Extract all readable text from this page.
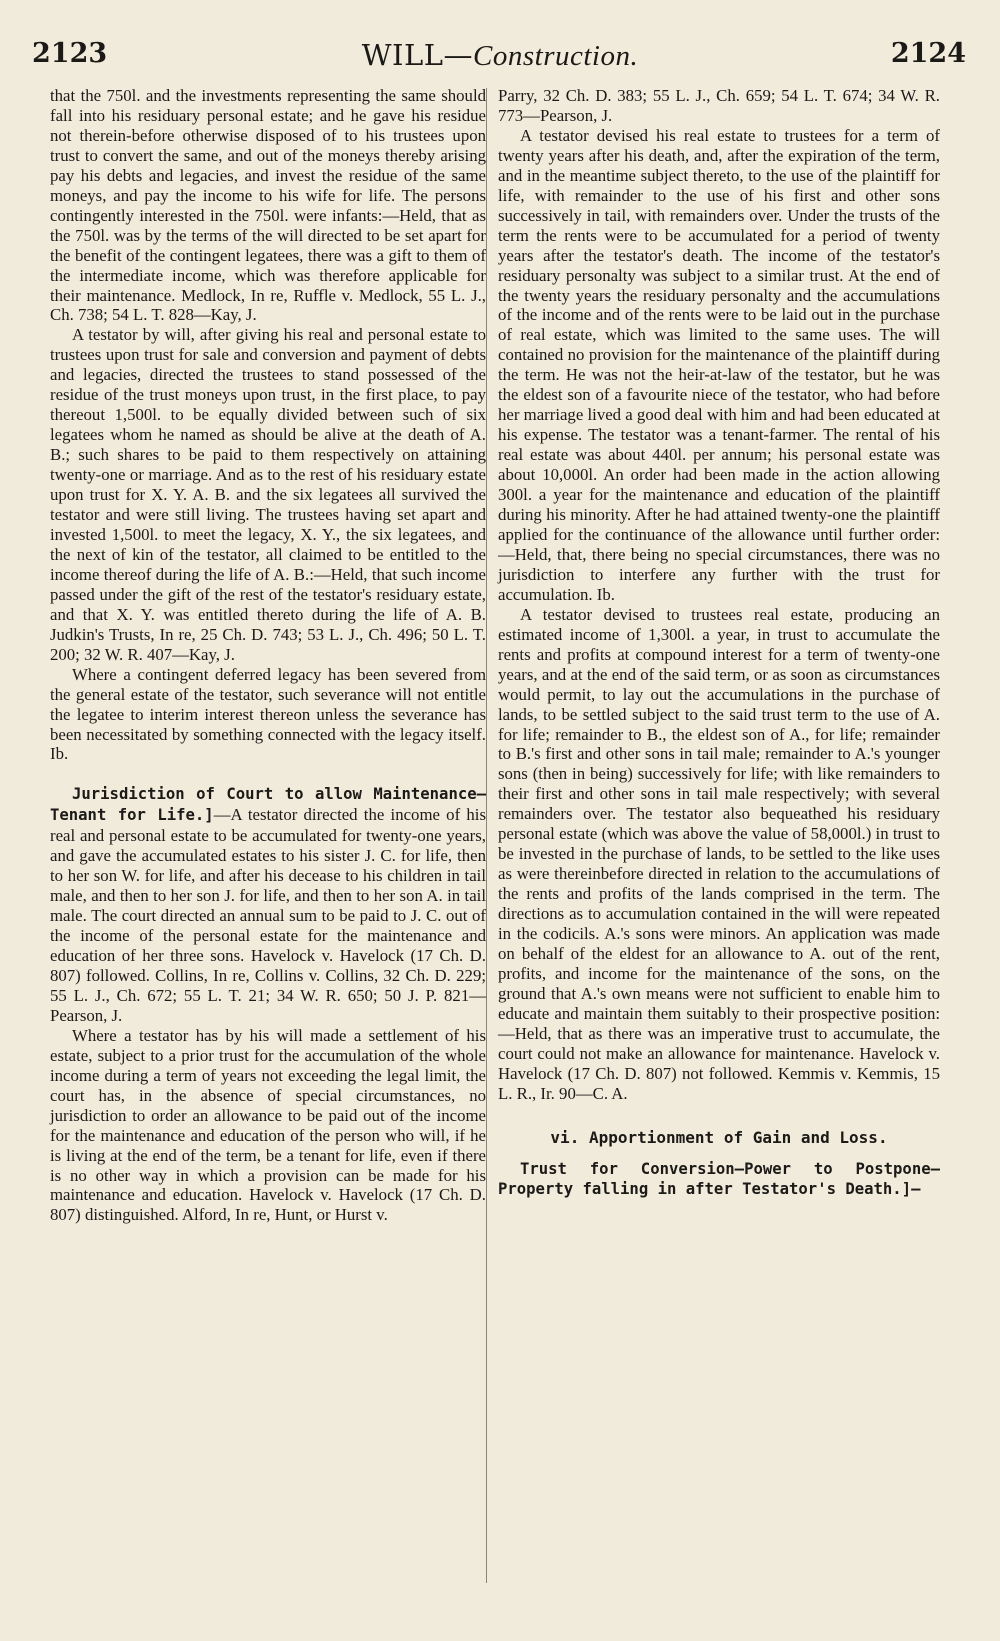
2123	WILL—Construction.	2124

that the 750l. and the investments representing the same should fall into his residuary personal estate; and he gave his residue not therein-before otherwise disposed of to his trustees upon trust to convert the same, and out of the moneys thereby arising pay his debts and legacies, and invest the residue of the same moneys, and pay the income to his wife for life. The persons contingently interested in the 750l. were infants:—Held, that as the 750l. was by the terms of the will directed to be set apart for the benefit of the contingent legatees, there was a gift to them of the intermediate income, which was therefore applicable for their maintenance. Medlock, In re, Ruffle v. Medlock, 55 L. J., Ch. 738; 54 L. T. 828—Kay, J.

A testator by will, after giving his real and personal estate to trustees upon trust for sale and conversion and payment of debts and legacies, directed the trustees to stand possessed of the residue of the trust moneys upon trust, in the first place, to pay thereout 1,500l. to be equally divided between such of six legatees whom he named as should be alive at the death of A. B.; such shares to be paid to them respectively on attaining twenty-one or marriage. And as to the rest of his residuary estate upon trust for X. Y. A. B. and the six legatees all survived the testator and were still living. The trustees having set apart and invested 1,500l. to meet the legacy, X. Y., the six legatees, and the next of kin of the testator, all claimed to be entitled to the income thereof during the life of A. B.:—Held, that such income passed under the gift of the rest of the testator's residuary estate, and that X. Y. was entitled thereto during the life of A. B. Judkin's Trusts, In re, 25 Ch. D. 743; 53 L. J., Ch. 496; 50 L. T. 200; 32 W. R. 407—Kay, J.

Where a contingent deferred legacy has been severed from the general estate of the testator, such severance will not entitle the legatee to interim interest thereon unless the severance has been necessitated by something connected with the legacy itself. Ib.

Jurisdiction of Court to allow Maintenance—Tenant for Life.]—A testator directed the income of his real and personal estate to be accumulated for twenty-one years, and gave the accumulated estates to his sister J. C. for life, then to her son W. for life, and after his decease to his children in tail male, and then to her son J. for life, and then to her son A. in tail male. The court directed an annual sum to be paid to J. C. out of the income of the personal estate for the maintenance and education of her three sons. Havelock v. Havelock (17 Ch. D. 807) followed. Collins, In re, Collins v. Collins, 32 Ch. D. 229; 55 L. J., Ch. 672; 55 L. T. 21; 34 W. R. 650; 50 J. P. 821—Pearson, J.

Where a testator has by his will made a settlement of his estate, subject to a prior trust for the accumulation of the whole income during a term of years not exceeding the legal limit, the court has, in the absence of special circumstances, no jurisdiction to order an allowance to be paid out of the income for the maintenance and education of the person who will, if he is living at the end of the term, be a tenant for life, even if there is no other way in which a provision can be made for his maintenance and education. Havelock v. Havelock (17 Ch. D. 807) distinguished. Alford, In re, Hunt, or Hurst v.

Parry, 32 Ch. D. 383; 55 L. J., Ch. 659; 54 L. T. 674; 34 W. R. 773—Pearson, J.

A testator devised his real estate to trustees for a term of twenty years after his death, and, after the expiration of the term, and in the meantime subject thereto, to the use of the plaintiff for life, with remainder to the use of his first and other sons successively in tail, with remainders over. Under the trusts of the term the rents were to be accumulated for a period of twenty years after the testator's death. The income of the testator's residuary personalty was subject to a similar trust. At the end of the twenty years the residuary personalty and the accumulations of the income and of the rents were to be laid out in the purchase of real estate, which was limited to the same uses. The will contained no provision for the maintenance of the plaintiff during the term. He was not the heir-at-law of the testator, but he was the eldest son of a favourite niece of the testator, who had before her marriage lived a good deal with him and had been educated at his expense. The testator was a tenant-farmer. The rental of his real estate was about 440l. per annum; his personal estate was about 10,000l. An order had been made in the action allowing 300l. a year for the maintenance and education of the plaintiff during his minority. After he had attained twenty-one the plaintiff applied for the continuance of the allowance until further order:—Held, that, there being no special circumstances, there was no jurisdiction to interfere any further with the trust for accumulation. Ib.

A testator devised to trustees real estate, producing an estimated income of 1,300l. a year, in trust to accumulate the rents and profits at compound interest for a term of twenty-one years, and at the end of the said term, or as soon as circumstances would permit, to lay out the accumulations in the purchase of lands, to be settled subject to the said trust term to the use of A. for life; remainder to B., the eldest son of A., for life; remainder to B.'s first and other sons in tail male; remainder to A.'s younger sons (then in being) successively for life; with like remainders to their first and other sons in tail male respectively; with several remainders over. The testator also bequeathed his residuary personal estate (which was above the value of 58,000l.) in trust to be invested in the purchase of lands, to be settled to the like uses as were thereinbefore directed in relation to the accumulations of the rents and profits of the lands comprised in the term. The directions as to accumulation contained in the will were repeated in the codicils. A.'s sons were minors. An application was made on behalf of the eldest for an allowance to A. out of the rent, profits, and income for the maintenance of the sons, on the ground that A.'s own means were not sufficient to enable him to educate and maintain them suitably to their prospective position:—Held, that as there was an imperative trust to accumulate, the court could not make an allowance for maintenance. Havelock v. Havelock (17 Ch. D. 807) not followed. Kemmis v. Kemmis, 15 L. R., Ir. 90—C. A.

vi. Apportionment of Gain and Loss.

Trust for Conversion—Power to Postpone—Property falling in after Testator's Death.]—
